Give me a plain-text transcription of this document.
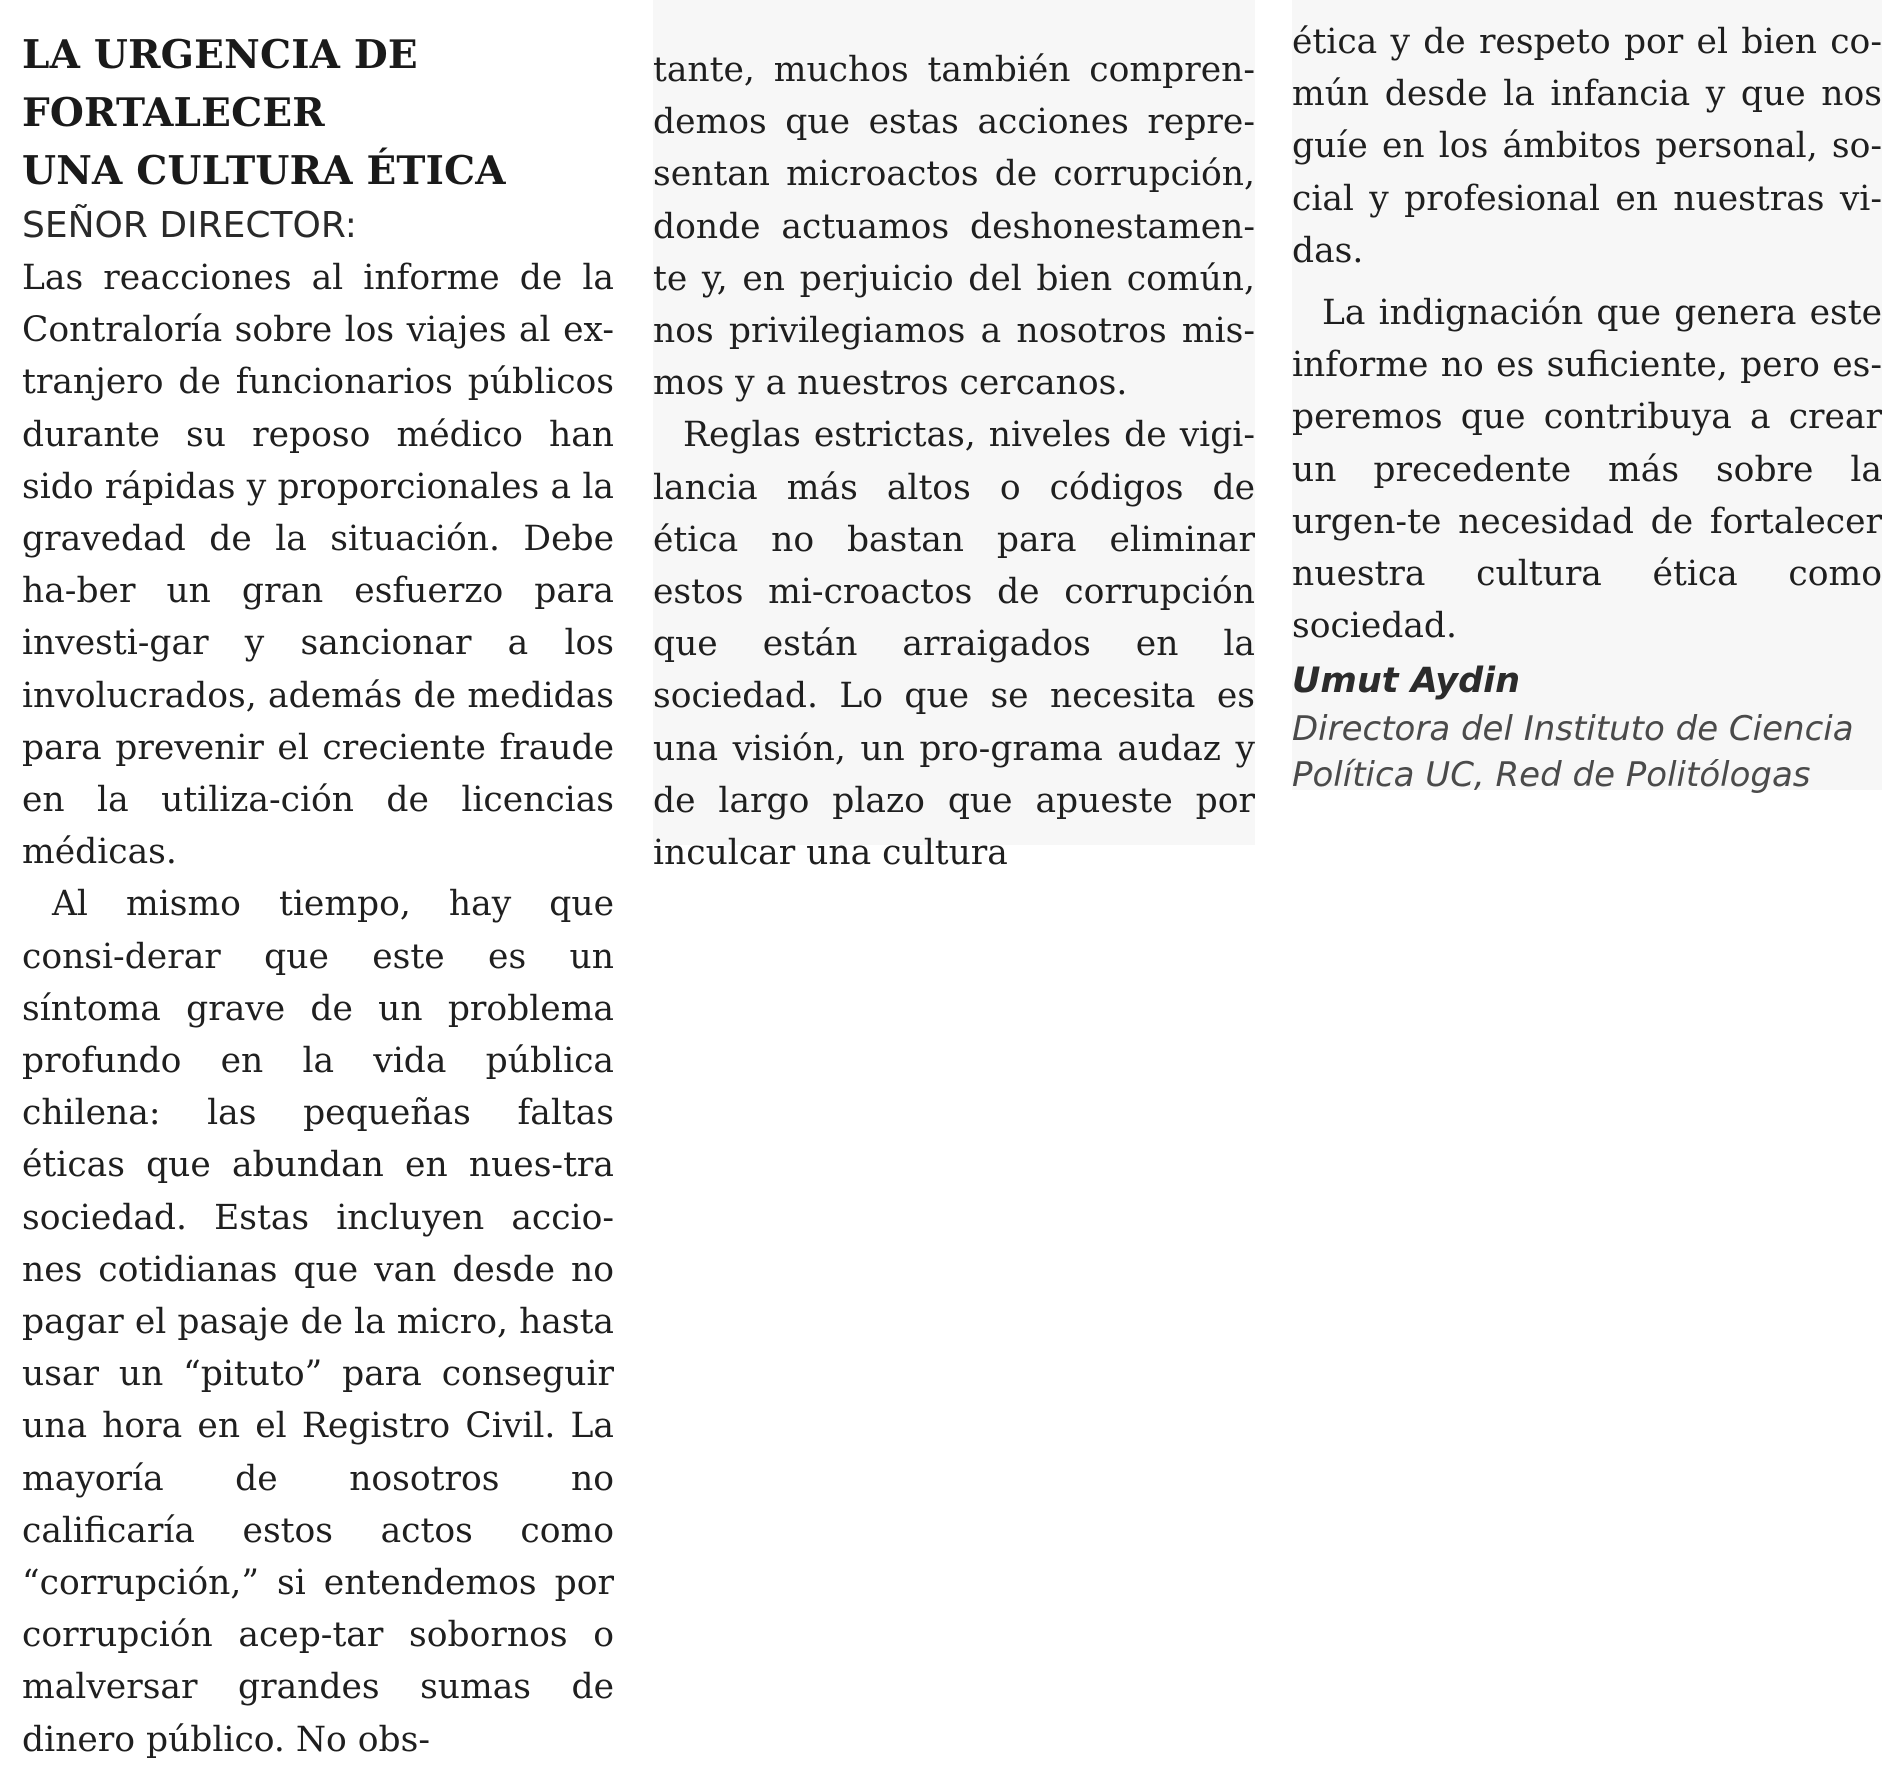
LA URGENCIA DE FORTALECER
UNA CULTURA ÉTICA

SEÑOR DIRECTOR:

Las reacciones al informe de la Contraloría sobre los viajes al ex-tranjero de funcionarios públicos durante su reposo médico han sido rápidas y proporcionales a la gravedad de la situación. Debe ha-ber un gran esfuerzo para investi-gar y sancionar a los involucrados, además de medidas para prevenir el creciente fraude en la utiliza-ción de licencias médicas.

Al mismo tiempo, hay que consi-derar que este es un síntoma grave de un problema profundo en la vida pública chilena: las pequeñas faltas éticas que abundan en nues-tra sociedad. Estas incluyen accio-nes cotidianas que van desde no pagar el pasaje de la micro, hasta usar un “pituto” para conseguir una hora en el Registro Civil. La mayoría de nosotros no calificaría estos actos como “corrupción,” si entendemos por corrupción acep-tar sobornos o malversar grandes sumas de dinero público. No obs-

tante, muchos también compren-demos que estas acciones repre-sentan microactos de corrupción, donde actuamos deshonestamen-te y, en perjuicio del bien común, nos privilegiamos a nosotros mis-mos y a nuestros cercanos.

Reglas estrictas, niveles de vigi-lancia más altos o códigos de ética no bastan para eliminar estos mi-croactos de corrupción que están arraigados en la sociedad. Lo que se necesita es una visión, un pro-grama audaz y de largo plazo que apueste por inculcar una cultura

ética y de respeto por el bien co-mún desde la infancia y que nos guíe en los ámbitos personal, so-cial y profesional en nuestras vi-das.

La indignación que genera este informe no es suficiente, pero es-peremos que contribuya a crear un precedente más sobre la urgen-te necesidad de fortalecer nuestra cultura ética como sociedad.

Umut Aydin

Directora del Instituto de Ciencia
Política UC, Red de Politólogas
